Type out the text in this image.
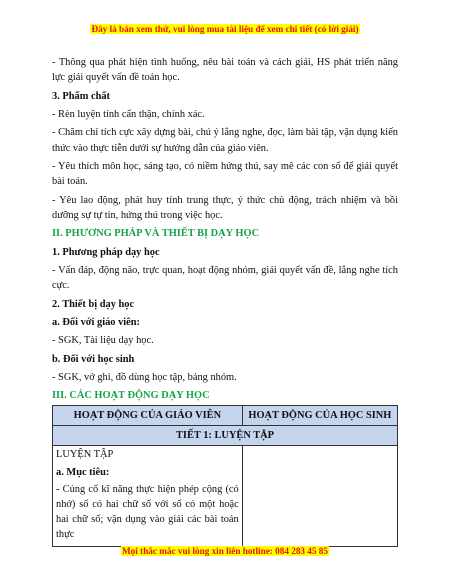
Đây là bản xem thử, vui lòng mua tài liệu để xem chi tiết (có lời giải)

- Thông qua phát hiện tình huống, nêu bài toán và cách giải, HS phát triển năng lực giải quyết vấn đề toán học.

3. Phẩm chất

- Rèn luyện tính cẩn thận, chính xác.

- Chăm chỉ tích cực xây dựng bài, chú ý lắng nghe, đọc, làm bài tập, vận dụng kiến thức vào thực tiễn dưới sự hướng dẫn của giáo viên.

- Yêu thích môn học, sáng tạo, có niềm hứng thú, say mê các con số để giải quyết bài toán.

- Yêu lao động, phát huy tính trung thực, ý thức chủ động, trách nhiệm và bồi dưỡng sự tự tin, hứng thú trong việc học.

II. PHƯƠNG PHÁP VÀ THIẾT BỊ DẠY HỌC

1. Phương pháp dạy học

- Vấn đáp, động não, trực quan, hoạt động nhóm, giải quyết vấn đề, lắng nghe tích cực.

2. Thiết bị dạy học

a. Đối với giáo viên:

- SGK, Tài liệu dạy học.

b. Đối với học sinh

- SGK, vở ghi, đồ dùng học tập, bảng nhóm.

III. CÁC HOẠT ĐỘNG DẠY HỌC

HOẠT ĐỘNG CỦA GIÁO VIÊN	HOẠT ĐỘNG CỦA HỌC SINH
TIẾT 1: LUYỆN TẬP	

LUYỆN TẬP

a. Mục tiêu:

- Củng cố kĩ năng thực hiện phép cộng (có nhớ) số có hai chữ số với số có một hoặc hai chữ số; vận dụng vào giải các bài toán thực	

Mọi thắc mắc vui lòng xin liên hotline: 084 283 45 85
